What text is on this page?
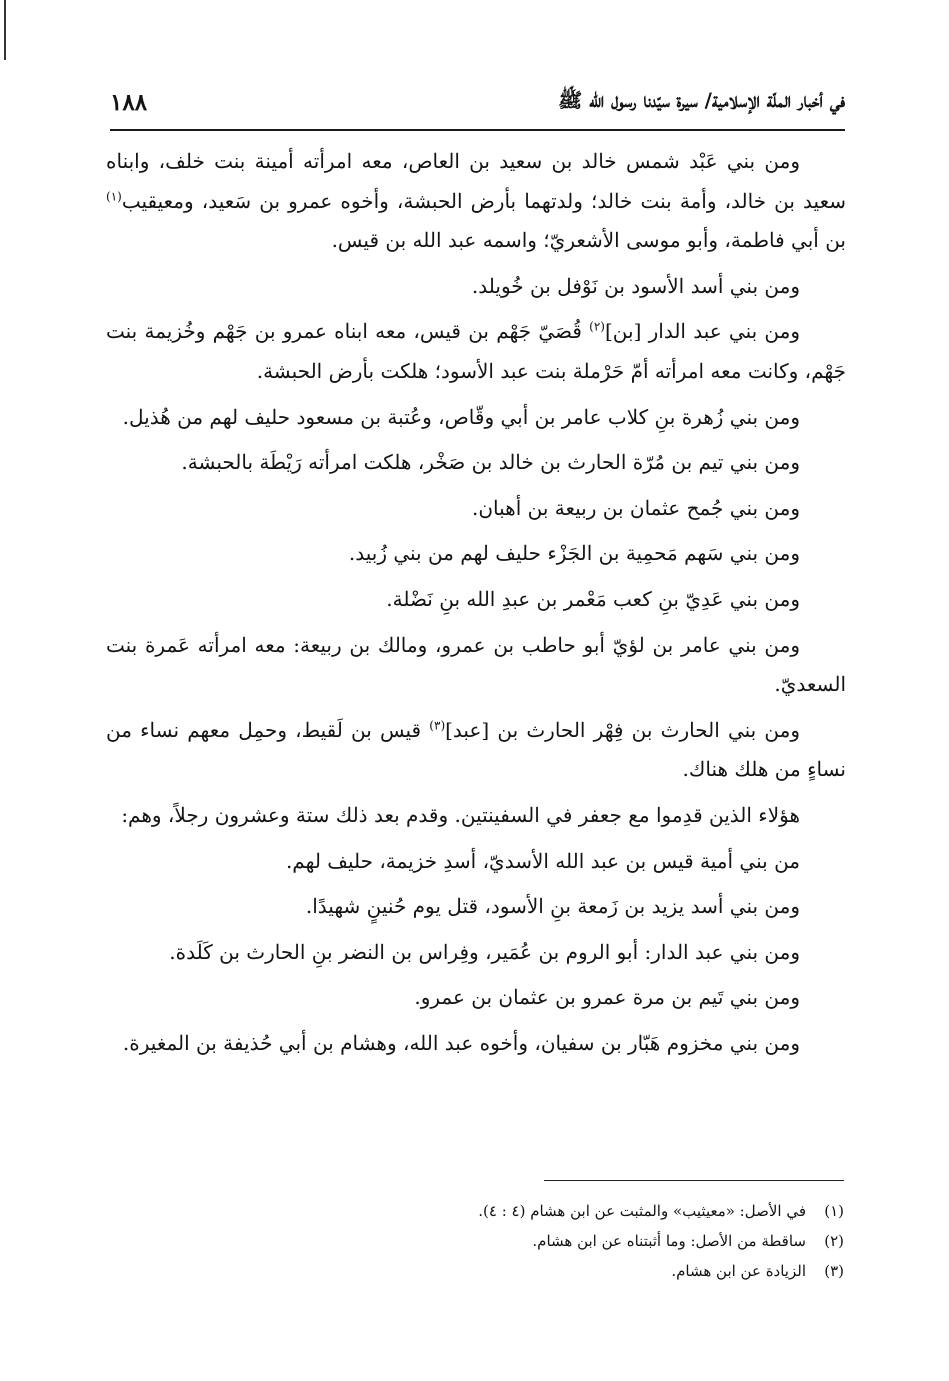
في أخبار الملّة الإسلامية/ سيرة سيّدنا رسول الله ﷺ
١٨٨

ومن بني عَبْد شمس خالد بن سعيد بن العاص، معه امرأته أمينة بنت خلف، وابناه سعيد بن خالد، وأمة بنت خالد؛ ولدتهما بأرض الحبشة، وأخوه عمرو بن سَعيد، ومعيقيب$^{(١)}$ بن أبي فاطمة، وأبو موسى الأشعريّ؛ واسمه عبد الله بن قيس.

ومن بني أسد الأسود بن نَوْفل بن خُويلد.

ومن بني عبد الدار [بن]$^{(٢)}$ قُصَيّ جَهْم بن قيس، معه ابناه عمرو بن جَهْم وخُزيمة بنت جَهْم، وكانت معه امرأته أمّ حَرْملة بنت عبد الأسود؛ هلكت بأرض الحبشة.

ومن بني زُهرة بنِ كلاب عامر بن أبي وقّاص، وعُتبة بن مسعود حليف لهم من هُذيل.

ومن بني تيم بن مُرّة الحارث بن خالد بن صَخْر، هلكت امرأته رَيْطَة بالحبشة.

ومن بني جُمح عثمان بن ربيعة بن أهبان.

ومن بني سَهم مَحمِية بن الجَزْء حليف لهم من بني زُبيد.

ومن بني عَدِيّ بنِ كعب مَعْمر بن عبدِ الله بنِ نَضْلة.

ومن بني عامر بن لؤيّ أبو حاطب بن عمرو، ومالك بن ربيعة: معه امرأته عَمرة بنت السعديّ.

ومن بني الحارث بن فِهْر الحارث بن [عبد]$^{(٣)}$ قيس بن لَقيط، وحمِل معهم نساء من نساءٍ من هلك هناك.

هؤلاء الذين قدِموا مع جعفر في السفينتين. وقدم بعد ذلك ستة وعشرون رجلاً، وهم:

من بني أمية قيس بن عبد الله الأسديّ، أسدِ خزيمة، حليف لهم.

ومن بني أسد يزيد بن زَمعة بنِ الأسود، قتل يوم حُنينٍ شهيدًا.

ومن بني عبد الدار: أبو الروم بن عُمَير، وفِراس بن النضر بنِ الحارث بن كَلَدة.

ومن بني تَيم بن مرة عمرو بن عثمان بن عمرو.

ومن بني مخزوم هَبّار بن سفيان، وأخوه عبد الله، وهشام بن أبي حُذيفة بن المغيرة.

(١)
في الأصل: «معيثيب» والمثبت عن ابن هشام (٤ : ٤).
(٢)
ساقطة من الأصل: وما أثبتناه عن ابن هشام.
(٣)
الزيادة عن ابن هشام.
